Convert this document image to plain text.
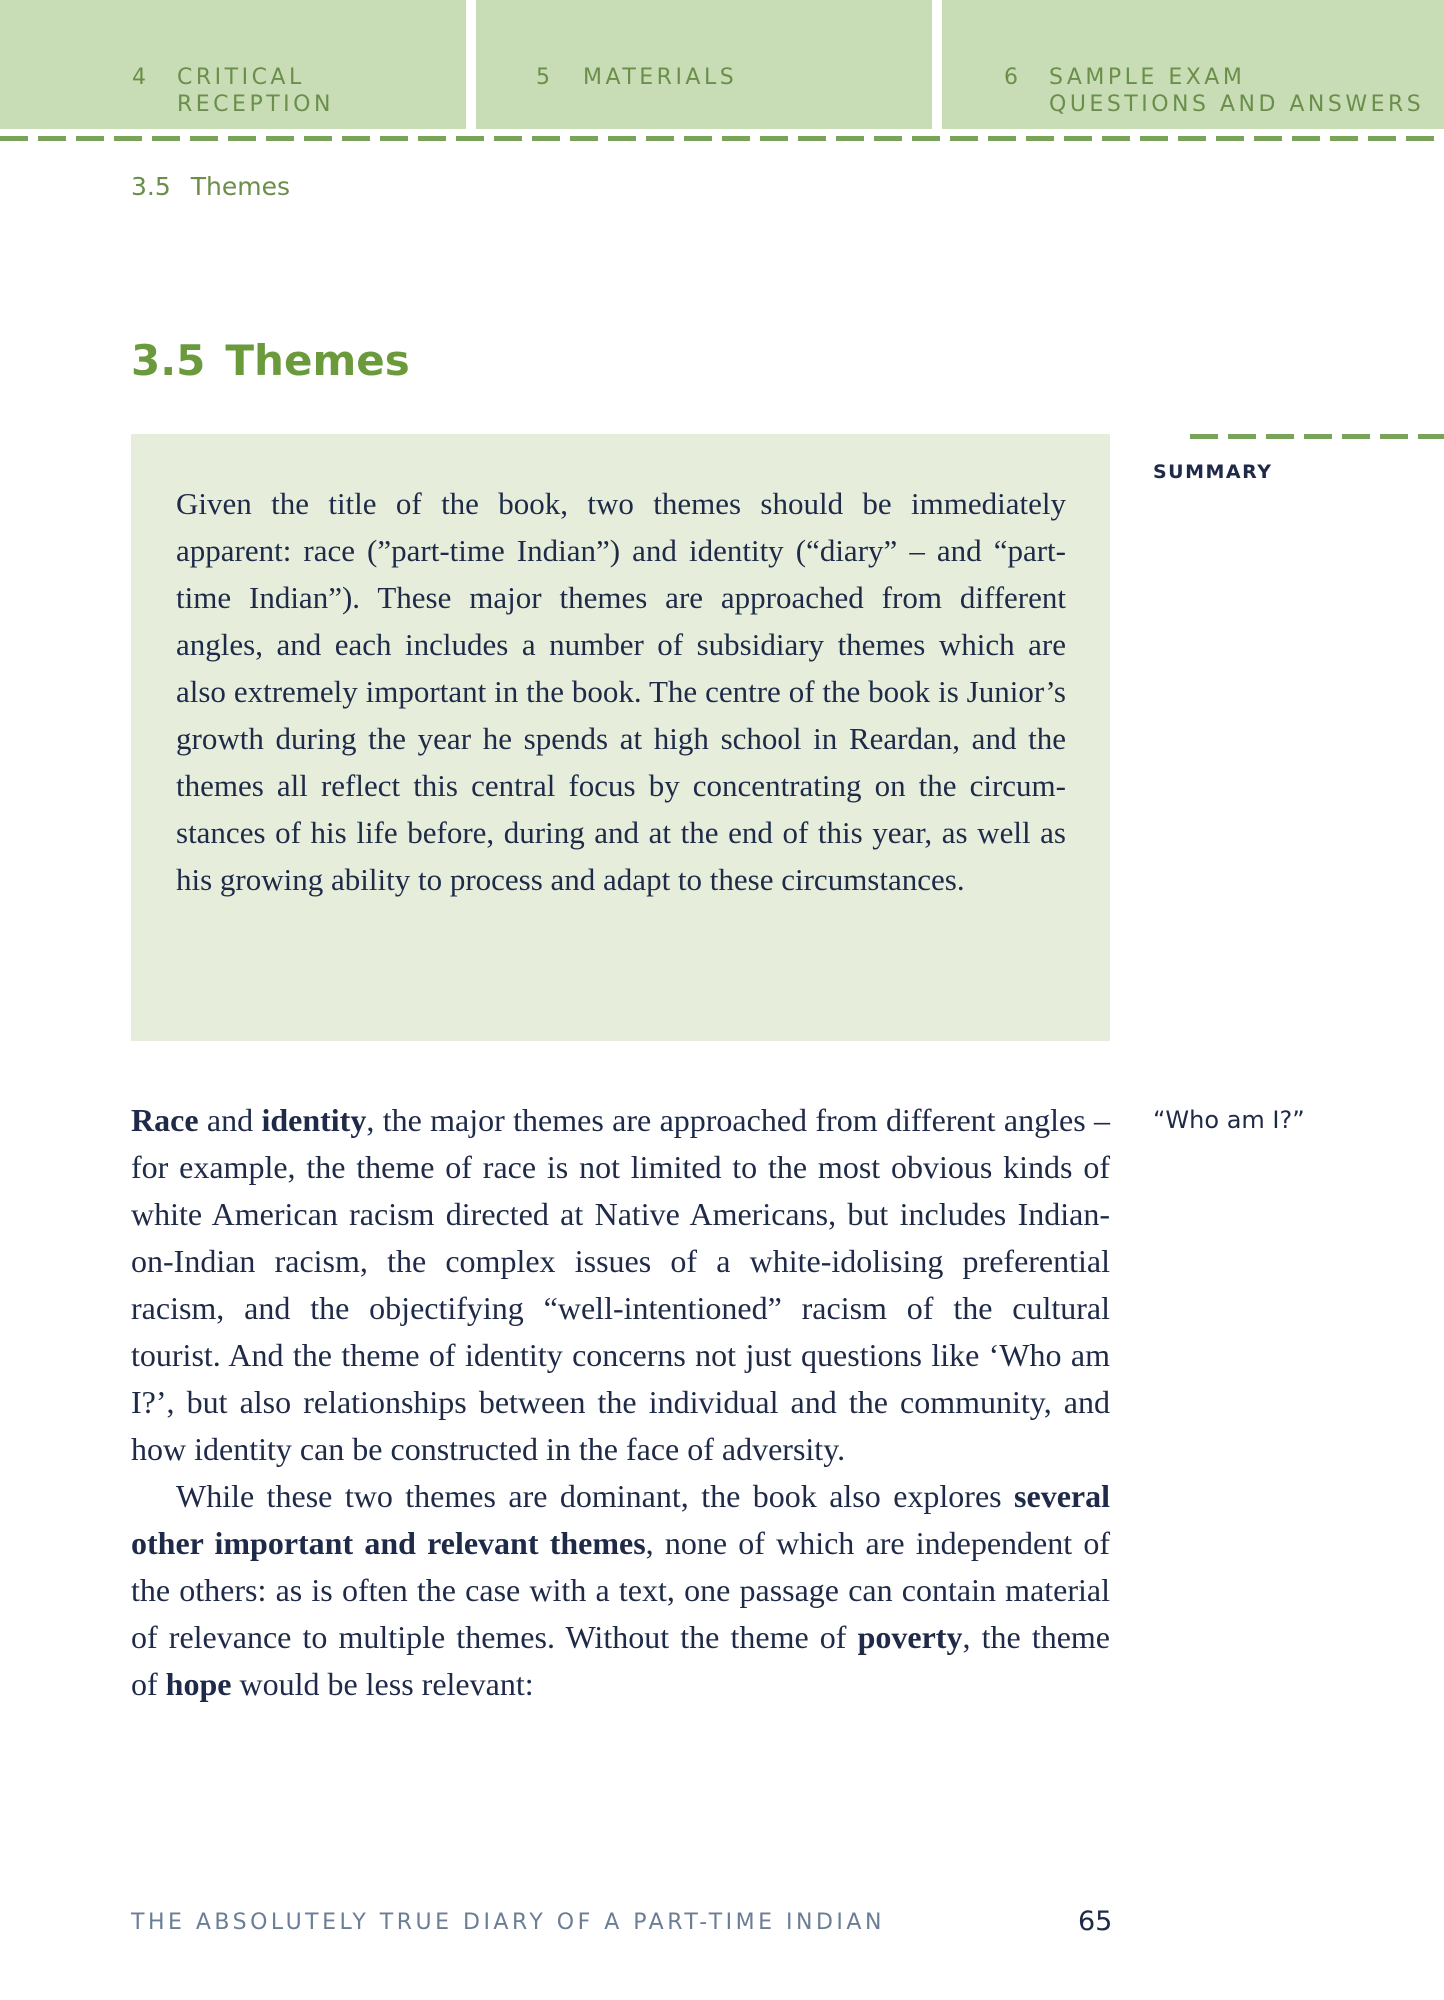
4 CRITICAL
RECEPTION
5 MATERIALS	6 SAMPLE EXAM
QUESTIONS AND ANSWERS
3.5 Themes
3.5 Themes
Given the title of the book, two themes should be immediately apparent: race (”part-time Indian”) and identity (“diary” – and “part-time Indian”). These major themes are approached from different angles, and each includes a number of subsidiary themes which are also extremely important in the book. The centre of the book is Junior’s growth during the year he spends at high school in Reardan, and the themes all reflect this central focus by concentrating on the circumstances of his life before, during and at the end of this year, as well as his growing ability to process and adapt to these circumstances.
SUMMARY
“Who am I?”

Race and identity, the major themes are approached from different angles – for example, the theme of race is not limited to the most obvious kinds of white American racism directed at Native Americans, but includes Indian-on-Indian racism, the complex issues of a white-idolising preferential racism, and the objectifying “well-intentioned” racism of the cultural tourist. And the theme of identity concerns not just questions like ‘Who am I?’, but also relationships between the individual and the community, and how identity can be constructed in the face of adversity.

While these two themes are dominant, the book also explores several other important and relevant themes, none of which are independent of the others: as is often the case with a text, one passage can contain material of relevance to multiple themes. Without the theme of poverty, the theme of hope would be less relevant:

THE ABSOLUTELY TRUE DIARY OF A PART-TIME INDIAN	65
